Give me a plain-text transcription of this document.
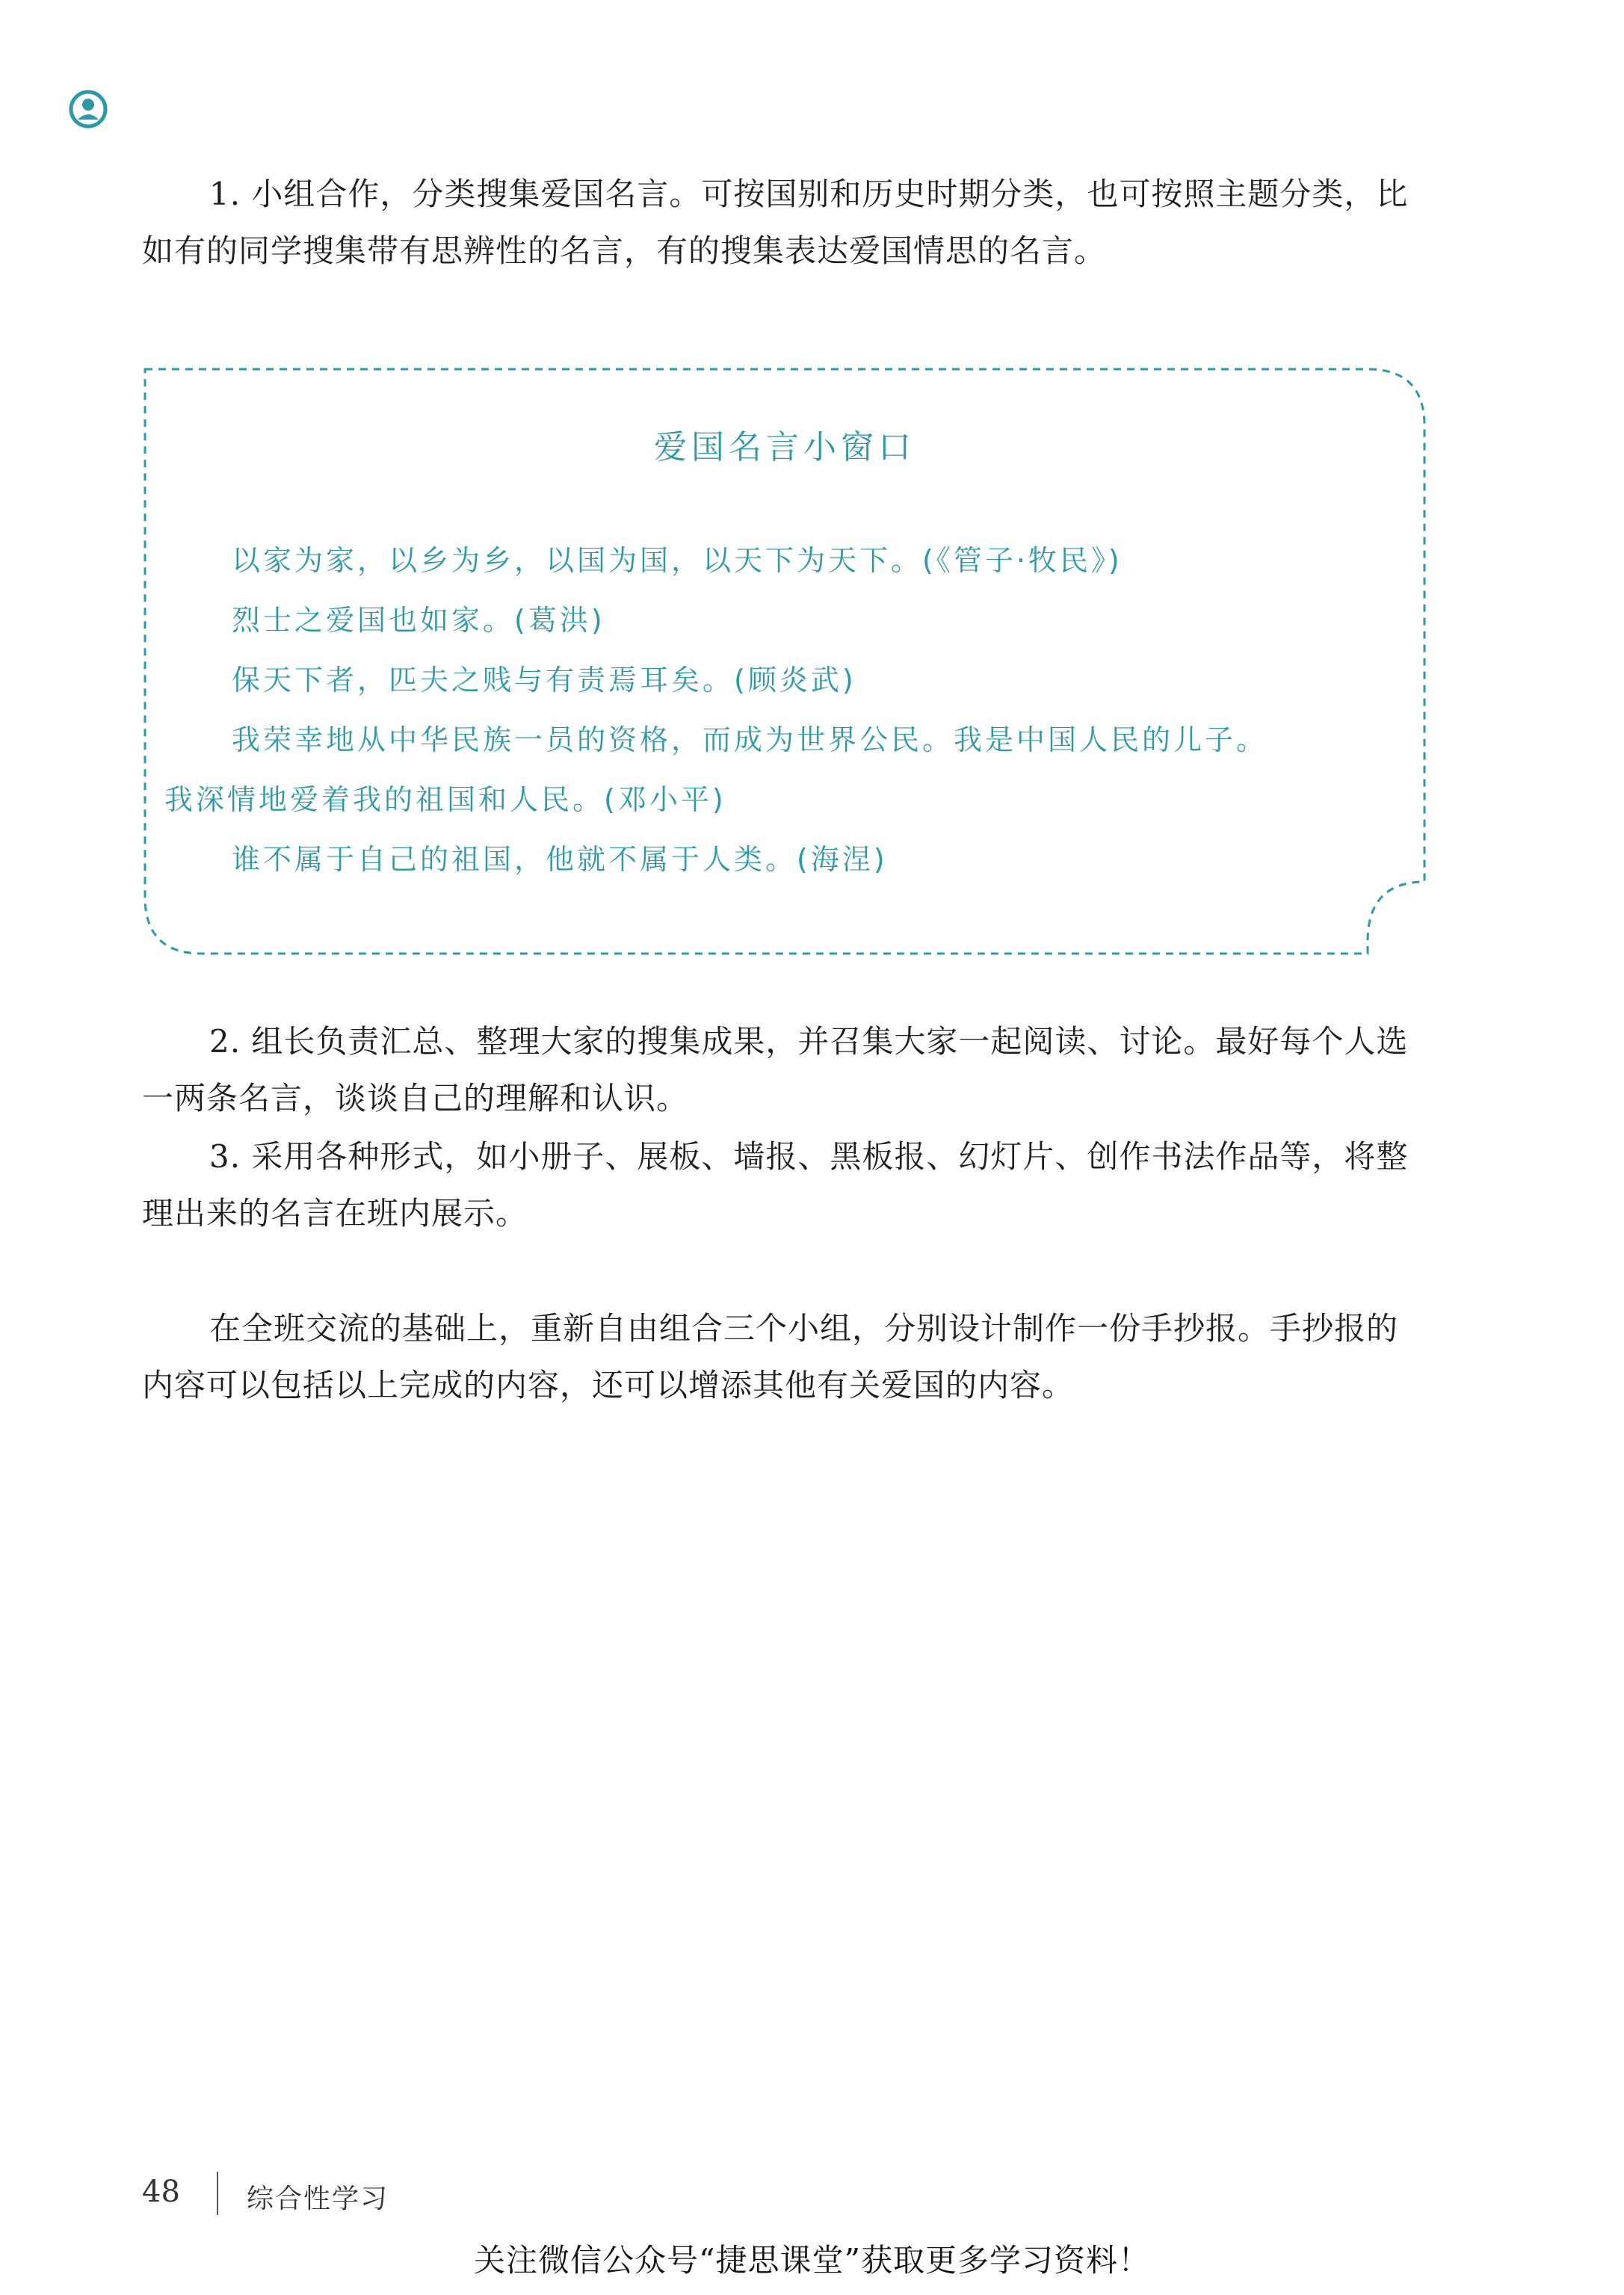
1. 小组合作，分类搜集爱国名言。可按国别和历史时期分类，也可按照主题分类，比如有的同学搜集带有思辨性的名言，有的搜集表达爱国情思的名言。

爱国名言小窗口

以家为家，以乡为乡，以国为国，以天下为天下。(《管子·牧民》)
烈士之爱国也如家。(葛洪)
保天下者，匹夫之贱与有责焉耳矣。(顾炎武)
我荣幸地从中华民族一员的资格，而成为世界公民。我是中国人民的儿子。
我深情地爱着我的祖国和人民。(邓小平)
谁不属于自己的祖国，他就不属于人类。(海涅)

2. 组长负责汇总、整理大家的搜集成果，并召集大家一起阅读、讨论。最好每个人选一两条名言，谈谈自己的理解和认识。

3. 采用各种形式，如小册子、展板、墙报、黑板报、幻灯片、创作书法作品等，将整理出来的名言在班内展示。

在全班交流的基础上，重新自由组合三个小组，分别设计制作一份手抄报。手抄报的内容可以包括以上完成的内容，还可以增添其他有关爱国的内容。

48 综合性学习
关注微信公众号“捷思课堂”获取更多学习资料！
